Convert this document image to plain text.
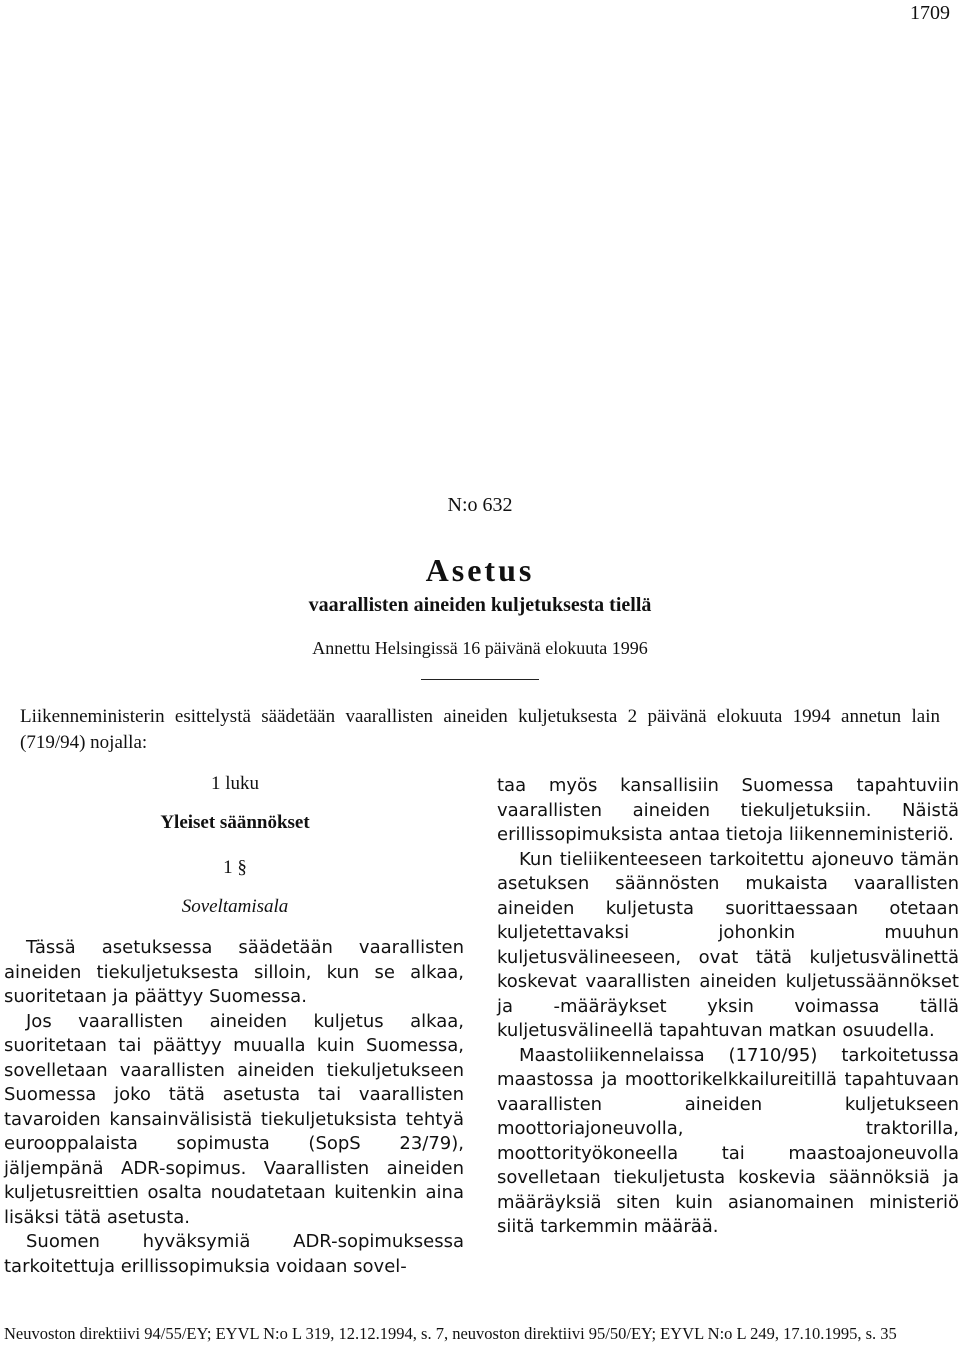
1709
N:o 632
Asetus
vaarallisten aineiden kuljetuksesta tiellä
Annettu Helsingissä 16 päivänä elokuuta 1996
Liikenneministerin esittelystä säädetään vaarallisten aineiden kuljetuksesta 2 päivänä elokuuta 1994 annetun lain (719/94) nojalla:
1 luku
Yleiset säännökset
1 §
Soveltamisala

Tässä asetuksessa säädetään vaarallisten aineiden tiekuljetuksesta silloin, kun se alkaa, suoritetaan ja päättyy Suomessa.

Jos vaarallisten aineiden kuljetus alkaa, suoritetaan tai päättyy muualla kuin Suomessa, sovelletaan vaarallisten aineiden tiekuljetukseen Suomessa joko tätä asetusta tai vaarallisten tavaroiden kansainvälisistä tiekuljetuksista tehtyä eurooppalaista sopimusta (SopS 23/79), jäljempänä ADR-sopimus. Vaarallisten aineiden kuljetusreittien osalta noudatetaan kuitenkin aina lisäksi tätä asetusta.

Suomen hyväksymiä ADR-sopimuksessa tarkoitettuja erillissopimuksia voidaan sovel-

taa myös kansallisiin Suomessa tapahtuviin vaarallisten aineiden tiekuljetuksiin. Näistä erillissopimuksista antaa tietoja liikenneministeriö.

Kun tieliikenteeseen tarkoitettu ajoneuvo tämän asetuksen säännösten mukaista vaarallisten aineiden kuljetusta suorittaessaan otetaan kuljetettavaksi johonkin muuhun kuljetusvälineeseen, ovat tätä kuljetusvälinettä koskevat vaarallisten aineiden kuljetussäännökset ja -määräykset yksin voimassa tällä kuljetusvälineellä tapahtuvan matkan osuudella.

Maastoliikennelaissa (1710/95) tarkoitetussa maastossa ja moottorikelkkailureitillä tapahtuvaan vaarallisten aineiden kuljetukseen moottoriajoneuvolla, traktorilla, moottorityökoneella tai maastoajoneuvolla sovelletaan tiekuljetusta koskevia säännöksiä ja määräyksiä siten kuin asianomainen ministeriö siitä tarkemmin määrää.

Neuvoston direktiivi 94/55/EY; EYVL N:o L 319, 12.12.1994, s. 7, neuvoston direktiivi 95/50/EY; EYVL N:o L 249, 17.10.1995, s. 35
